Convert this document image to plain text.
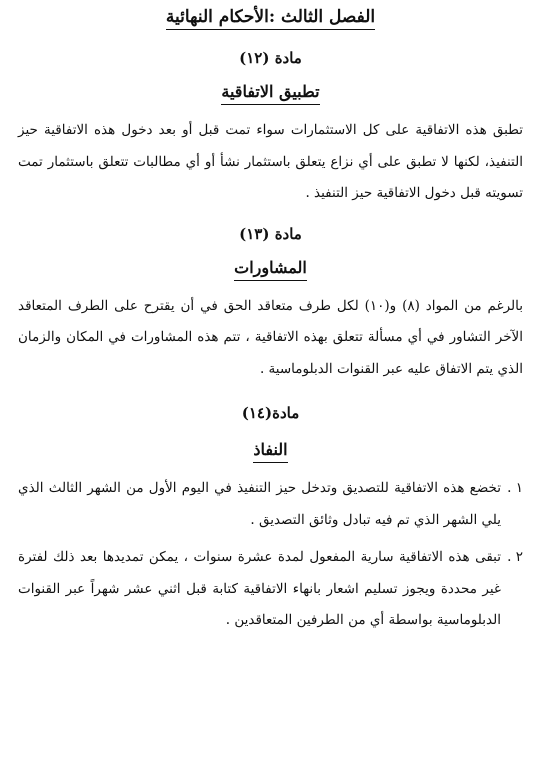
الفصل الثالث :الأحكام النهائية
مادة (١٢)
تطبيق الاتفاقية

تطبق هذه الاتفاقية على كل الاستثمارات سواء تمت قبل أو بعد دخول هذه الاتفاقية حيز التنفيذ، لكنها لا تطبق على أي نزاع يتعلق باستثمار نشأ أو أي مطالبات تتعلق باستثمار تمت تسويته قبل دخول الاتفاقية حيز التنفيذ .

مادة (١٣)
المشاورات

بالرغم من المواد (٨) و(١٠) لكل طرف متعاقد الحق في أن يقترح على الطرف المتعاقد الآخر التشاور في أي مسألة تتعلق بهذه الاتفاقية ، تتم هذه المشاورات في المكان والزمان الذي يتم الاتفاق عليه عبر القنوات الدبلوماسية .

مادة(١٤)
النفاذ
١ .
تخضع هذه الاتفاقية للتصديق وتدخل حيز التنفيذ في اليوم الأول من الشهر الثالث الذي يلي الشهر الذي تم فيه تبادل وثائق التصديق .
٢ .
تبقى هذه الاتفاقية سارية المفعول لمدة عشرة سنوات ، يمكن تمديدها بعد ذلك لفترة غير محددة ويجوز تسليم اشعار بانهاء الاتفاقية كتابة قبل اثني عشر شهراً عبر القنوات الدبلوماسية بواسطة أي من الطرفين المتعاقدين .
